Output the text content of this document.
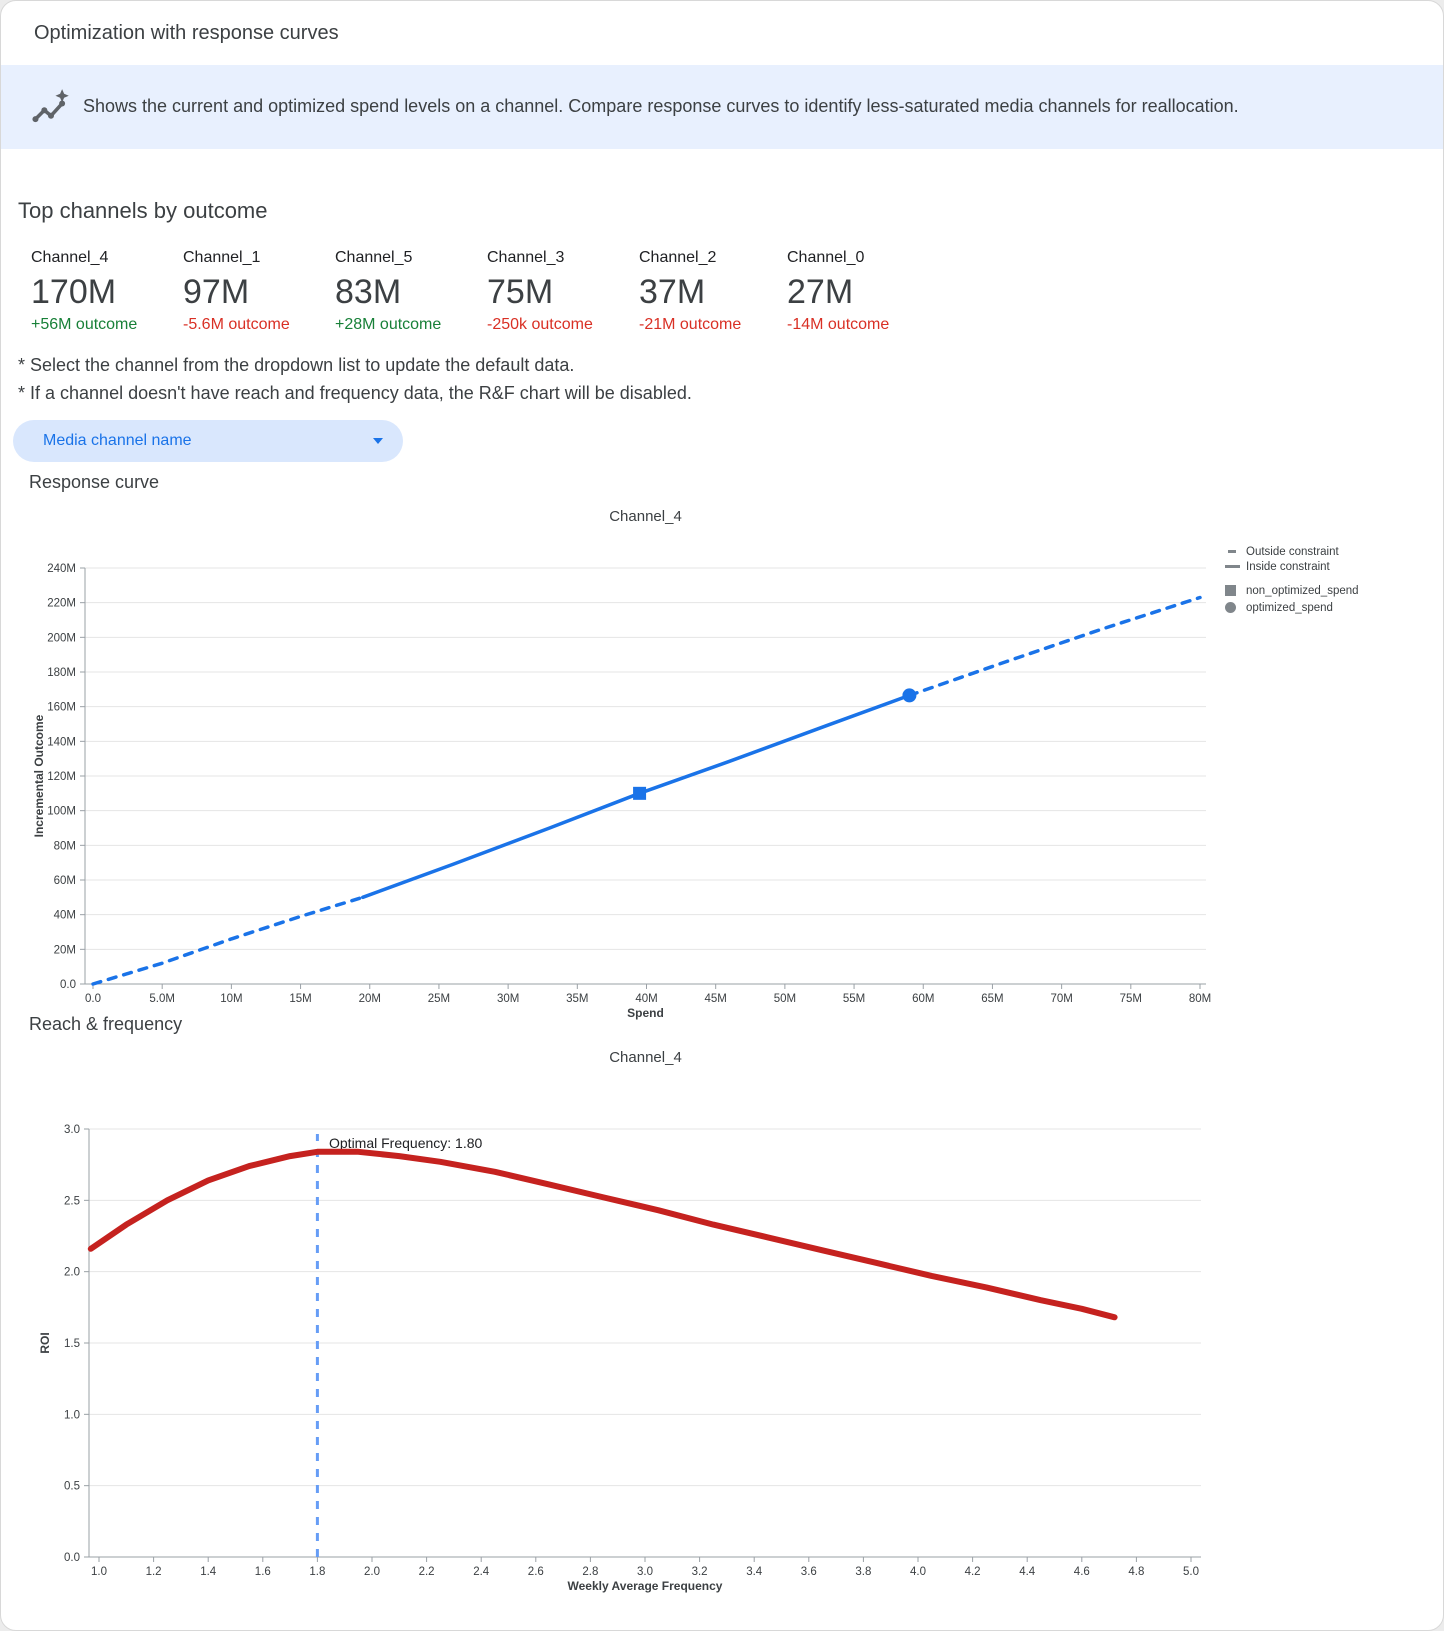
Optimization with response curves
Shows the current and optimized spend levels on a channel. Compare response curves to identify less-saturated media channels for reallocation.
Top channels by outcome
Channel_4
170M
+56M outcome
Channel_1
97M
-5.6M outcome
Channel_5
83M
+28M outcome
Channel_3
75M
-250k outcome
Channel_2
37M
-21M outcome
Channel_0
27M
-14M outcome
* Select the channel from the dropdown list to update the default data.
* If a channel doesn't have reach and frequency data, the R&F chart will be disabled.
Media channel name
Response curve
Channel_4
0.0
20M
40M
60M
80M
100M
120M
140M
160M
180M
200M
220M
240M
0.0	5.0M	10M	15M	20M	25M	30M	35M	40M	45M	50M	55M	60M	65M	70M	75M	80M
Incremental Outcome
Spend
Outside constraint
Inside constraint
non_optimized_spend
optimized_spend
Reach & frequency
Channel_4
0.0
0.5
1.0
1.5
2.0
2.5
3.0
1.0	1.2	1.4	1.6	1.8	2.0	2.2	2.4	2.6	2.8	3.0	3.2	3.4	3.6	3.8	4.0	4.2	4.4	4.6	4.8	5.0
Optimal Frequency: 1.80
ROI
Weekly Average Frequency
